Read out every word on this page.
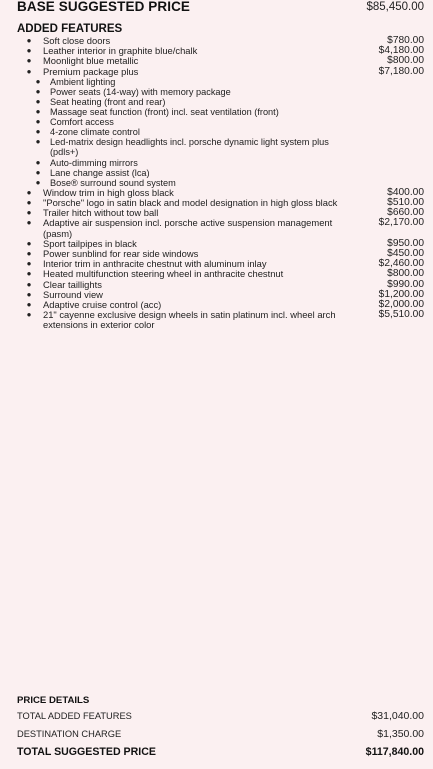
BASE SUGGESTED PRICE	$85,450.00
ADDED FEATURES
● Soft close doors	$780.00
● Leather interior in graphite blue/chalk	$4,180.00
● Moonlight blue metallic	$800.00
● Premium package plus	$7,180.00
● Ambient lighting
● Power seats (14-way) with memory package
● Seat heating (front and rear)
● Massage seat function (front) incl. seat ventilation (front)
● Comfort access
● 4-zone climate control
● Led-matrix design headlights incl. porsche dynamic light system plus (pdls+)
● Auto-dimming mirrors
● Lane change assist (lca)
● Bose® surround sound system
● Window trim in high gloss black	$400.00
● "Porsche" logo in satin black and model designation in high gloss black	$510.00
● Trailer hitch without tow ball	$660.00
● Adaptive air suspension incl. porsche active suspension management (pasm)
$2,170.00
● Sport tailpipes in black	$950.00
● Power sunblind for rear side windows	$450.00
● Interior trim in anthracite chestnut with aluminum inlay	$2,460.00
● Heated multifunction steering wheel in anthracite chestnut	$800.00
● Clear taillights	$990.00
● Surround view	$1,200.00
● Adaptive cruise control (acc)	$2,000.00
● 21" cayenne exclusive design wheels in satin platinum incl. wheel arch extensions in exterior color
$5,510.00
PRICE DETAILS
TOTAL ADDED FEATURES	$31,040.00
DESTINATION CHARGE	$1,350.00
TOTAL SUGGESTED PRICE	$117,840.00
